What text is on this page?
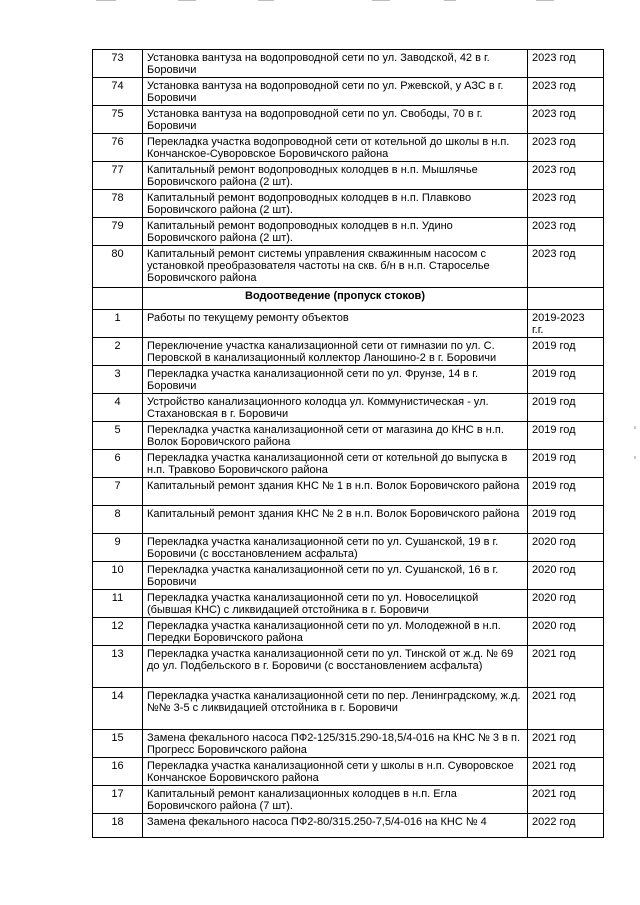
73	Установка вантуза на водопроводной сети по ул. Заводской, 42 в г. Боровичи	2023 год
74	Установка вантуза на водопроводной сети по ул. Ржевской, у АЗС в г. Боровичи	2023 год
75	Установка вантуза на водопроводной сети по ул. Свободы, 70 в г. Боровичи	2023 год
76	Перекладка участка водопроводной сети от котельной до школы в н.п. Кончанское-Суворовское Боровичского района	2023 год
77	Капитальный ремонт водопроводных колодцев в н.п. Мышлячье Боровичского района (2 шт).	2023 год
78	Капитальный ремонт водопроводных колодцев в н.п. Плавково Боровичского района (2 шт).	2023 год
79	Капитальный ремонт водопроводных колодцев в н.п. Удино Боровичского района (2 шт).	2023 год
80	Капитальный ремонт системы управления скважинным насосом с установкой преобразователя частоты на скв. б/н в н.п. Староселье Боровичского района	2023 год
	Водоотведение (пропуск стоков)	
1	Работы по текущему ремонту объектов	2019-2023 г.г.
2	Переключение участка канализационной сети от гимназии по ул. С. Перовской в канализационный коллектор Ланошино-2 в г. Боровичи	2019 год
3	Перекладка участка канализационной сети по ул. Фрунзе, 14 в г. Боровичи	2019 год
4	Устройство канализационного колодца ул. Коммунистическая - ул. Стахановская в г. Боровичи	2019 год
5	Перекладка участка канализационной сети от магазина до КНС в н.п. Волок Боровичского района	2019 год
6	Перекладка участка канализационной сети от котельной до выпуска в н.п. Травково Боровичского района	2019 год
7	Капитальный ремонт здания КНС № 1 в н.п. Волок Боровичского района	2019 год
8	Капитальный ремонт здания КНС № 2 в н.п. Волок Боровичского района	2019 год
9	Перекладка участка канализационной сети по ул. Сушанской, 19 в г. Боровичи (с восстановлением асфальта)	2020 год
10	Перекладка участка канализационной сети по ул. Сушанской, 16 в г. Боровичи	2020 год
11	Перекладка участка канализационной сети по ул. Новоселицкой (бывшая КНС) с ликвидацией отстойника в г. Боровичи	2020 год
12	Перекладка участка канализационной сети по ул. Молодежной в н.п. Передки Боровичского района	2020 год
13	Перекладка участка канализационной сети по ул. Тинской от ж.д. № 69 до ул. Подбельского в г. Боровичи (с восстановлением асфальта)	2021 год
14	Перекладка участка канализационной сети по пер. Ленинградскому, ж.д. №№ 3-5 с ликвидацией отстойника в г. Боровичи	2021 год
15	Замена фекального насоса ПФ2-125/315.290-18,5/4-016 на КНС № 3 в п. Прогресс Боровичского района	2021 год
16	Перекладка участка канализационной сети у школы в н.п. Суворовское Кончанское Боровичского района	2021 год
17	Капитальный ремонт канализационных колодцев в н.п. Егла Боровичского района (7 шт).	2021 год
18	Замена фекального насоса ПФ2-80/315.250-7,5/4-016 на КНС № 4	2022 год
